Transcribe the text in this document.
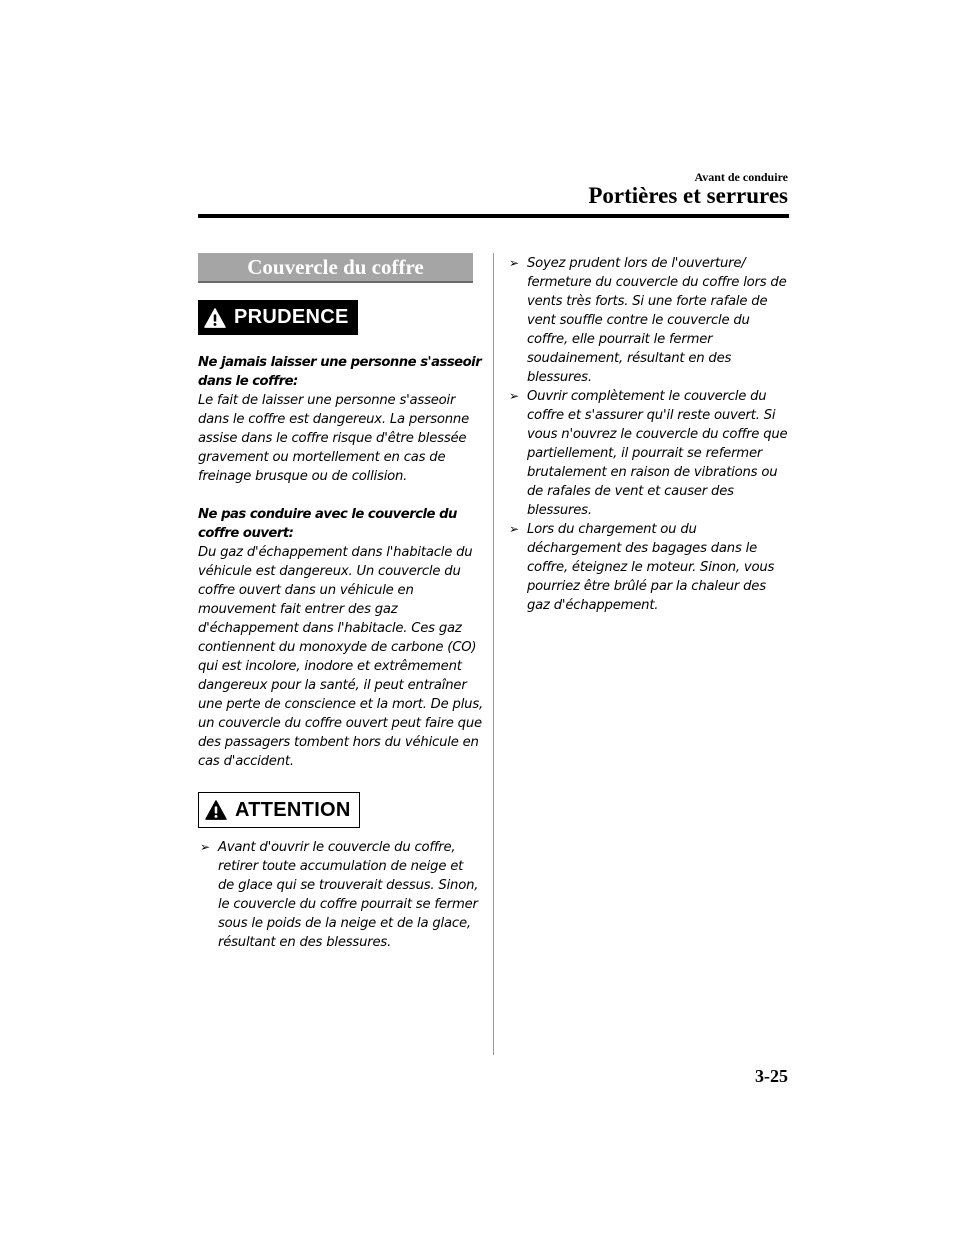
Avant de conduire
Portières et serrures
Couvercle du coffre
PRUDENCE

Ne jamais laisser une personne s'asseoir dans le coffre:
Le fait de laisser une personne s'asseoir dans le coffre est dangereux. La personne assise dans le coffre risque d'être blessée gravement ou mortellement en cas de freinage brusque ou de collision.

Ne pas conduire avec le couvercle du coffre ouvert:
Du gaz d'échappement dans l'habitacle du véhicule est dangereux. Un couvercle du coffre ouvert dans un véhicule en mouvement fait entrer des gaz d'échappement dans l'habitacle. Ces gaz contiennent du monoxyde de carbone (CO) qui est incolore, inodore et extrêmement dangereux pour la santé, il peut entraîner une perte de conscience et la mort. De plus, un couvercle du coffre ouvert peut faire que des passagers tombent hors du véhicule en cas d'accident.

ATTENTION
➢ Avant d'ouvrir le couvercle du coffre, retirer toute accumulation de neige et de glace qui se trouverait dessus. Sinon, le couvercle du coffre pourrait se fermer sous le poids de la neige et de la glace, résultant en des blessures.
➢ Soyez prudent lors de l'ouverture/ fermeture du couvercle du coffre lors de vents très forts. Si une forte rafale de vent souffle contre le couvercle du coffre, elle pourrait le fermer soudainement, résultant en des blessures.
➢ Ouvrir complètement le couvercle du coffre et s'assurer qu'il reste ouvert. Si vous n'ouvrez le couvercle du coffre que partiellement, il pourrait se refermer brutalement en raison de vibrations ou de rafales de vent et causer des blessures.
➢ Lors du chargement ou du déchargement des bagages dans le coffre, éteignez le moteur. Sinon, vous pourriez être brûlé par la chaleur des gaz d'échappement.
3-25
